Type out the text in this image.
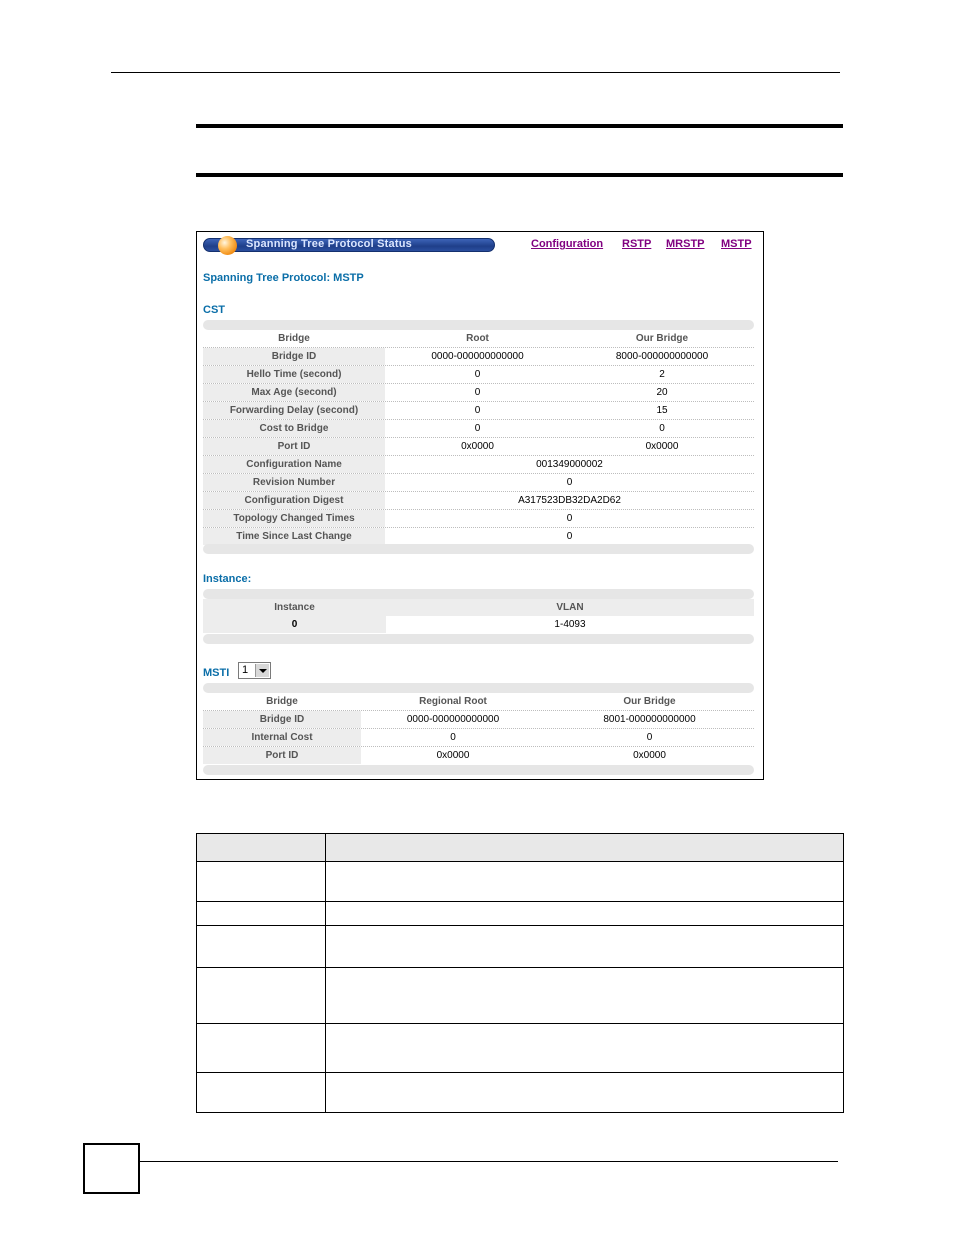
Spanning Tree Protocol Status	Configuration RSTP MRSTP MSTP
Spanning Tree Protocol: MSTP
CST
Bridge	Root	Our Bridge
Bridge ID	0000-000000000000	8000-000000000000
Hello Time (second)	0	2
Max Age (second)	0	20
Forwarding Delay (second)	0	15
Cost to Bridge	0	0
Port ID	0x0000	0x0000
Configuration Name	001349000002
Revision Number	0
Configuration Digest	A317523DB32DA2D62
Topology Changed Times	0
Time Since Last Change	0
Instance:
Instance	VLAN
0	1-4093
MSTI 1
Bridge	Regional Root	Our Bridge
Bridge ID	0000-000000000000	8001-000000000000
Internal Cost	0	0
Port ID	0x0000	0x0000
